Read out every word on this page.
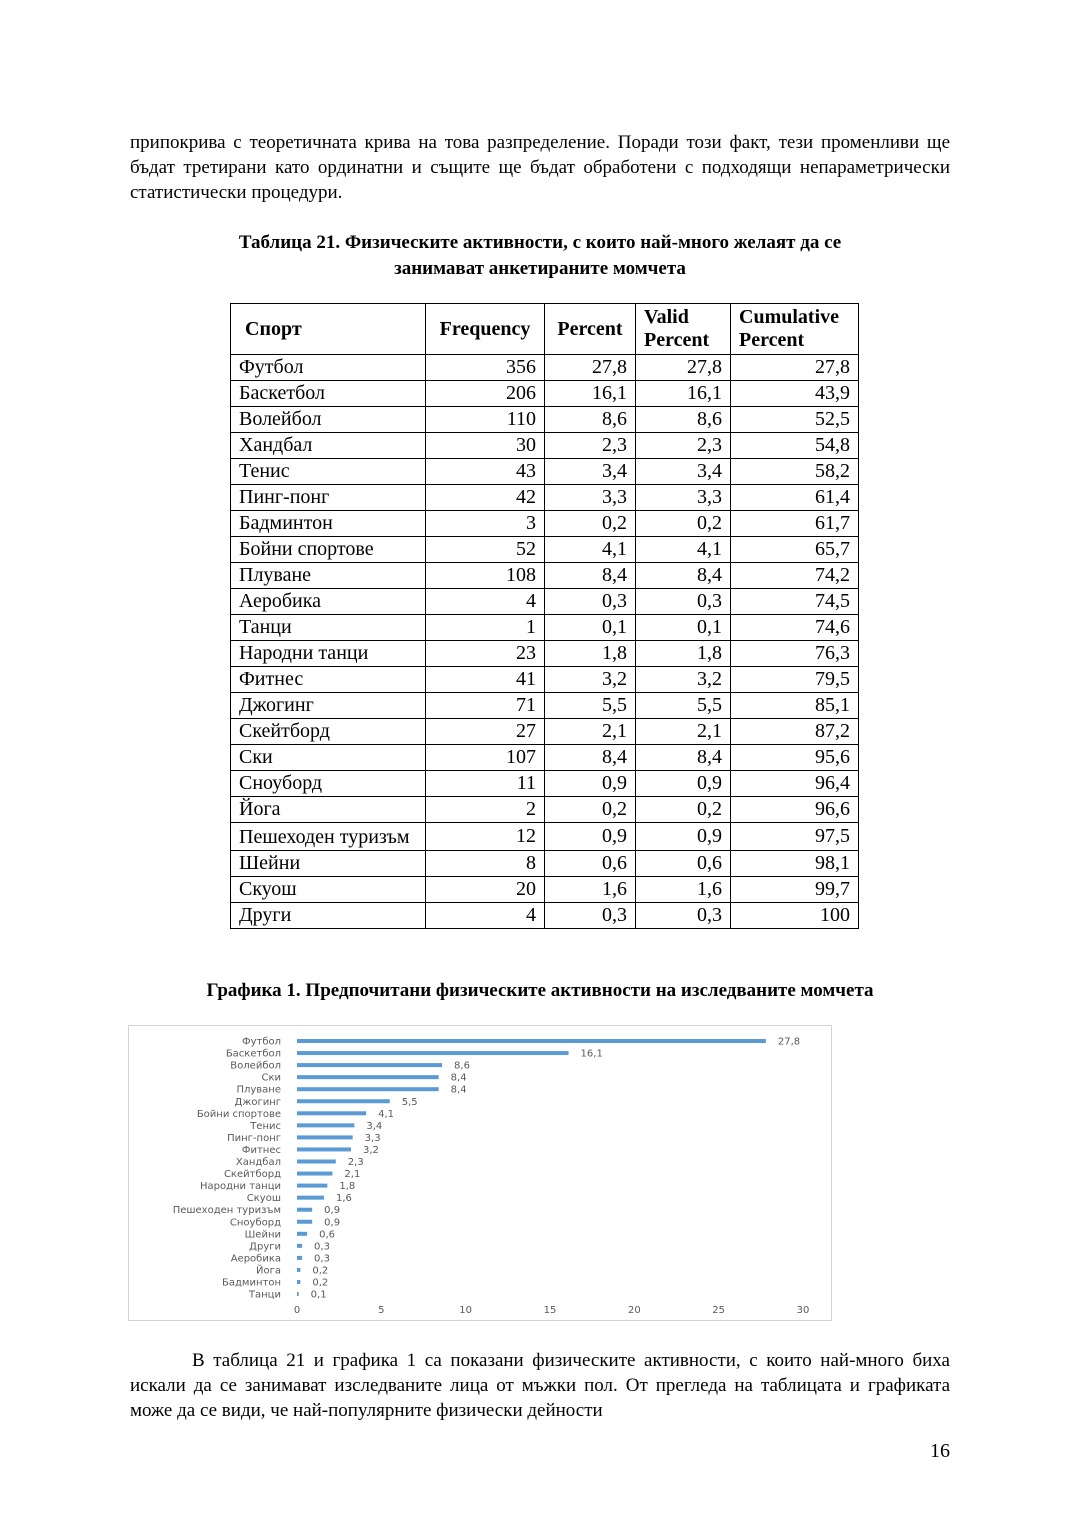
припокрива с теоретичната крива на това разпределение. Поради този факт, тези променливи ще бъдат третирани като ординатни и същите ще бъдат обработени с подходящи непараметрически статистически процедури.

Таблица 21. Физическите активности, с които най-много желаят да се
занимават анкетираните момчета

Спорт	Frequency	Percent	Valid Percent	Cumulative Percent
Футбол	356	27,8	27,8	27,8
Баскетбол	206	16,1	16,1	43,9
Волейбол	110	8,6	8,6	52,5
Хандбал	30	2,3	2,3	54,8
Тенис	43	3,4	3,4	58,2
Пинг-понг	42	3,3	3,3	61,4
Бадминтон	3	0,2	0,2	61,7
Бойни спортове	52	4,1	4,1	65,7
Плуване	108	8,4	8,4	74,2
Аеробика	4	0,3	0,3	74,5
Танци	1	0,1	0,1	74,6
Народни танци	23	1,8	1,8	76,3
Фитнес	41	3,2	3,2	79,5
Джогинг	71	5,5	5,5	85,1
Скейтборд	27	2,1	2,1	87,2
Ски	107	8,4	8,4	95,6
Сноуборд	11	0,9	0,9	96,4
Йога	2	0,2	0,2	96,6
Пешеходен туризъм	12	0,9	0,9	97,5
Шейни	8	0,6	0,6	98,1
Скуош	20	1,6	1,6	99,7
Други	4	0,3	0,3	100

Графика 1. Предпочитани физическите активности на изследваните момчета

Футбол	27,8
Баскетбол	16,1
Волейбол	8,6
Ски	8,4
Плуване	8,4
Джогинг	5,5
Бойни спортове	4,1
Тенис	3,4
Пинг-понг	3,3
Фитнес	3,2
Хандбал	2,3
Скейтборд	2,1
Народни танци	1,8
Скуош	1,6
Пешеходен туризъм	0,9
Сноуборд	0,9
Шейни	0,6
Други	0,3
Аеробика	0,3
Йога	0,2
Бадминтон	0,2
Танци	0,1
0	5	10	15	20	25	30

В таблица 21 и графика 1 са показани физическите активности, с които най-много биха искали да се занимават изследваните лица от мъжки пол. От прегледа на таблицата и графиката може да се види, че най-популярните физически дейности

16
